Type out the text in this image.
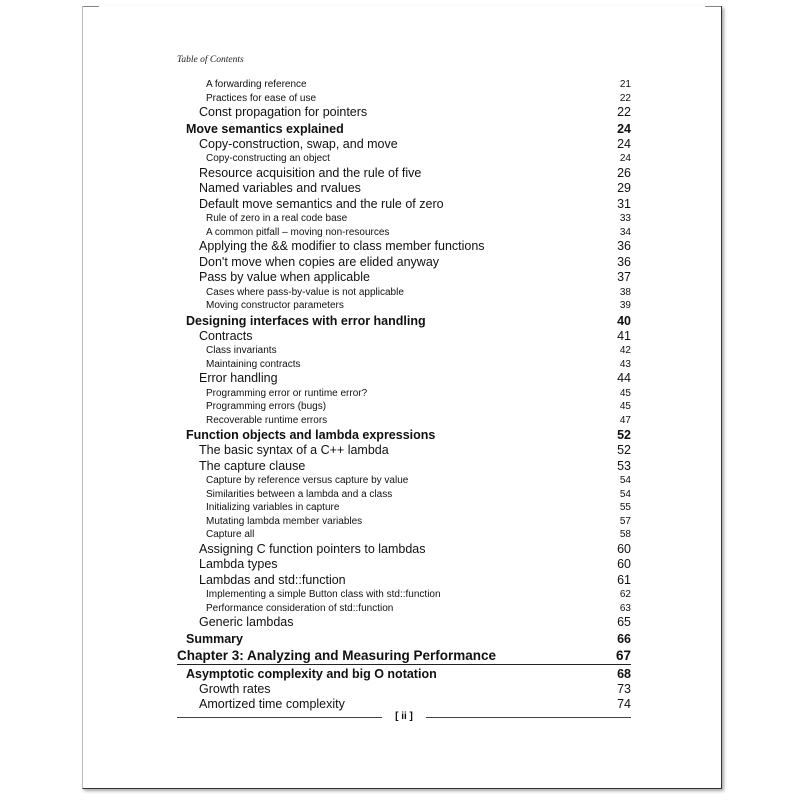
Table of Contents
A forwarding reference	21
Practices for ease of use	22
Const propagation for pointers	22
Move semantics explained	24
Copy-construction, swap, and move	24
Copy-constructing an object	24
Resource acquisition and the rule of five	26
Named variables and rvalues	29
Default move semantics and the rule of zero	31
Rule of zero in a real code base	33
A common pitfall – moving non-resources	34
Applying the && modifier to class member functions	36
Don't move when copies are elided anyway	36
Pass by value when applicable	37
Cases where pass-by-value is not applicable	38
Moving constructor parameters	39
Designing interfaces with error handling	40
Contracts	41
Class invariants	42
Maintaining contracts	43
Error handling	44
Programming error or runtime error?	45
Programming errors (bugs)	45
Recoverable runtime errors	47
Function objects and lambda expressions	52
The basic syntax of a C++ lambda	52
The capture clause	53
Capture by reference versus capture by value	54
Similarities between a lambda and a class	54
Initializing variables in capture	55
Mutating lambda member variables	57
Capture all	58
Assigning C function pointers to lambdas	60
Lambda types	60
Lambdas and std::function	61
Implementing a simple Button class with std::function	62
Performance consideration of std::function	63
Generic lambdas	65
Summary	66
Chapter 3: Analyzing and Measuring Performance	67
Asymptotic complexity and big O notation	68
Growth rates	73
Amortized time complexity	74
[ ii ]
